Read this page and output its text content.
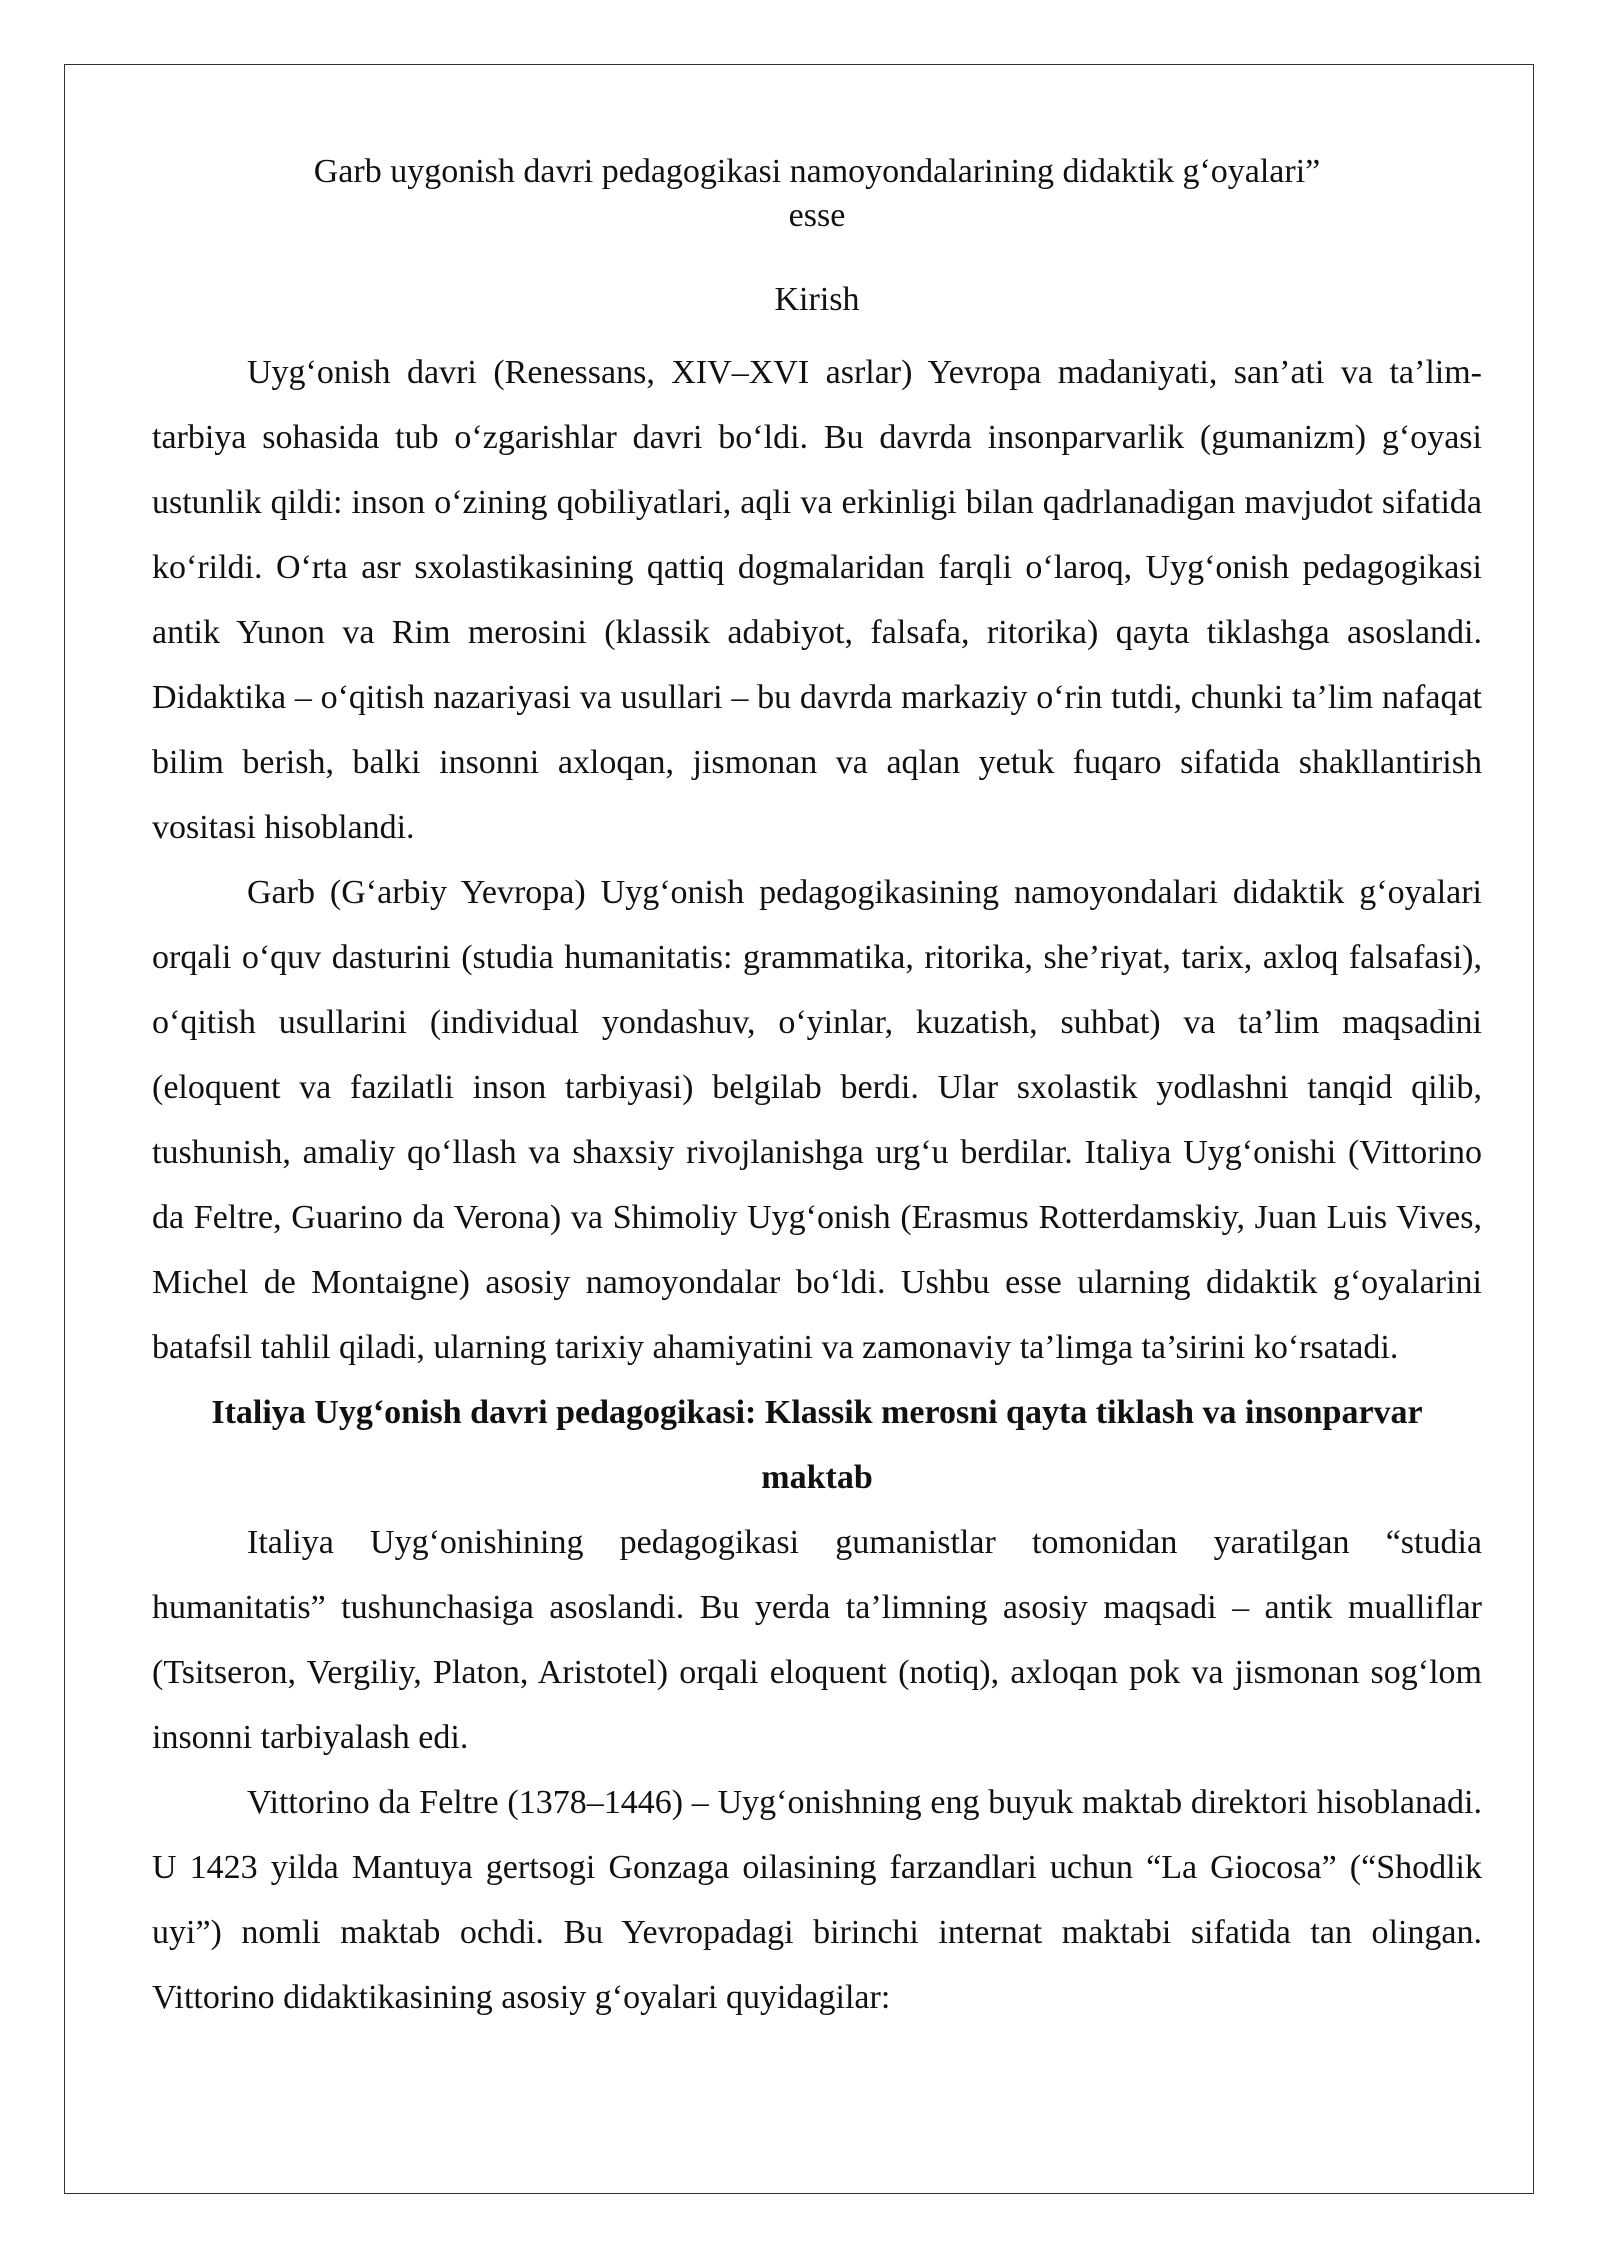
Garb uygonish davri pedagogikasi namoyondalarining didaktik g‘oyalari”

esse

Kirish

Uyg‘onish davri (Renessans, XIV–XVI asrlar) Yevropa madaniyati, san’ati va ta’lim-tarbiya sohasida tub o‘zgarishlar davri bo‘ldi. Bu davrda insonparvarlik (gumanizm) g‘oyasi ustunlik qildi: inson o‘zining qobiliyatlari, aqli va erkinligi bilan qadrlanadigan mavjudot sifatida ko‘rildi. O‘rta asr sxolastikasining qattiq dogmalaridan farqli o‘laroq, Uyg‘onish pedagogikasi antik Yunon va Rim merosini (klassik adabiyot, falsafa, ritorika) qayta tiklashga asoslandi. Didaktika – o‘qitish nazariyasi va usullari – bu davrda markaziy o‘rin tutdi, chunki ta’lim nafaqat bilim berish, balki insonni axloqan, jismonan va aqlan yetuk fuqaro sifatida shakllantirish vositasi hisoblandi.

Garb (G‘arbiy Yevropa) Uyg‘onish pedagogikasining namoyondalari didaktik g‘oyalari orqali o‘quv dasturini (studia humanitatis: grammatika, ritorika, she’riyat, tarix, axloq falsafasi), o‘qitish usullarini (individual yondashuv, o‘yinlar, kuzatish, suhbat) va ta’lim maqsadini (eloquent va fazilatli inson tarbiyasi) belgilab berdi. Ular sxolastik yodlashni tanqid qilib, tushunish, amaliy qo‘llash va shaxsiy rivojlanishga urg‘u berdilar. Italiya Uyg‘onishi (Vittorino da Feltre, Guarino da Verona) va Shimoliy Uyg‘onish (Erasmus Rotterdamskiy, Juan Luis Vives, Michel de Montaigne) asosiy namoyondalar bo‘ldi. Ushbu esse ularning didaktik g‘oyalarini batafsil tahlil qiladi, ularning tarixiy ahamiyatini va zamonaviy ta’limga ta’sirini ko‘rsatadi.

Italiya Uyg‘onish davri pedagogikasi: Klassik merosni qayta tiklash va insonparvar maktab

Italiya Uyg‘onishining pedagogikasi gumanistlar tomonidan yaratilgan “studia humanitatis” tushunchasiga asoslandi. Bu yerda ta’limning asosiy maqsadi – antik mualliflar (Tsitseron, Vergiliy, Platon, Aristotel) orqali eloquent (notiq), axloqan pok va jismonan sog‘lom insonni tarbiyalash edi.

Vittorino da Feltre (1378–1446) – Uyg‘onishning eng buyuk maktab direktori hisoblanadi. U 1423 yilda Mantuya gertsogi Gonzaga oilasining farzandlari uchun “La Giocosa” (“Shodlik uyi”) nomli maktab ochdi. Bu Yevropadagi birinchi internat maktabi sifatida tan olingan. Vittorino didaktikasining asosiy g‘oyalari quyidagilar:
